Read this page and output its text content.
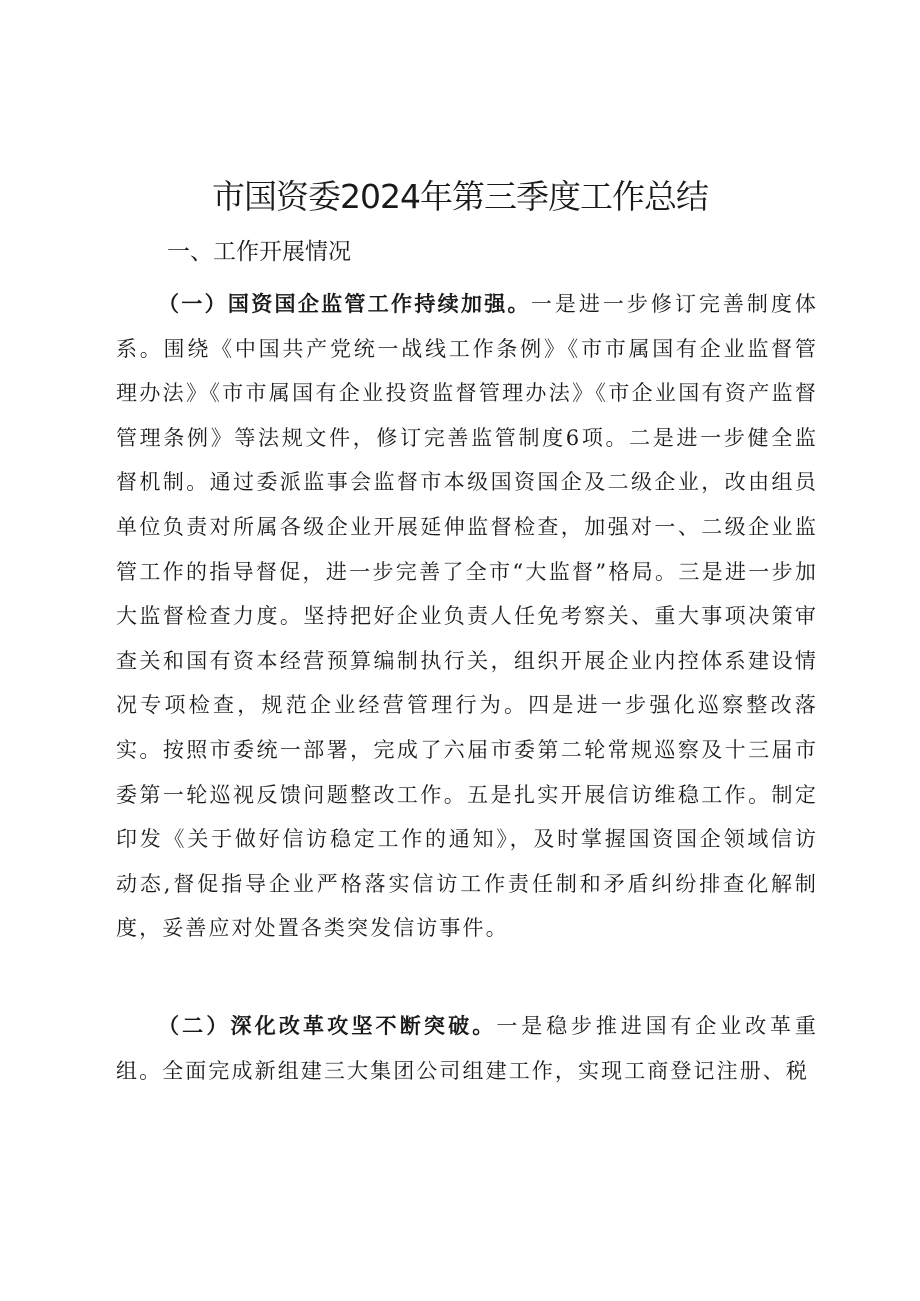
市国资委2024年第三季度工作总结
一、工作开展情况

（一）国资国企监管工作持续加强。一是进一步修订完善制度体系。围绕《中国共产党统一战线工作条例》《市市属国有企业监督管理办法》《市市属国有企业投资监督管理办法》《市企业国有资产监督管理条例》等法规文件，修订完善监管制度6项。二是进一步健全监督机制。通过委派监事会监督市本级国资国企及二级企业，改由组员单位负责对所属各级企业开展延伸监督检查，加强对一、二级企业监管工作的指导督促，进一步完善了全市“大监督”格局。三是进一步加大监督检查力度。坚持把好企业负责人任免考察关、重大事项决策审查关和国有资本经营预算编制执行关，组织开展企业内控体系建设情况专项检查，规范企业经营管理行为。四是进一步强化巡察整改落实。按照市委统一部署，完成了六届市委第二轮常规巡察及十三届市委第一轮巡视反馈问题整改工作。五是扎实开展信访维稳工作。制定印发《关于做好信访稳定工作的通知》，及时掌握国资国企领域信访动态,督促指导企业严格落实信访工作责任制和矛盾纠纷排查化解制度，妥善应对处置各类突发信访事件。

（二）深化改革攻坚不断突破。一是稳步推进国有企业改革重组。全面完成新组建三大集团公司组建工作，实现工商登记注册、税
